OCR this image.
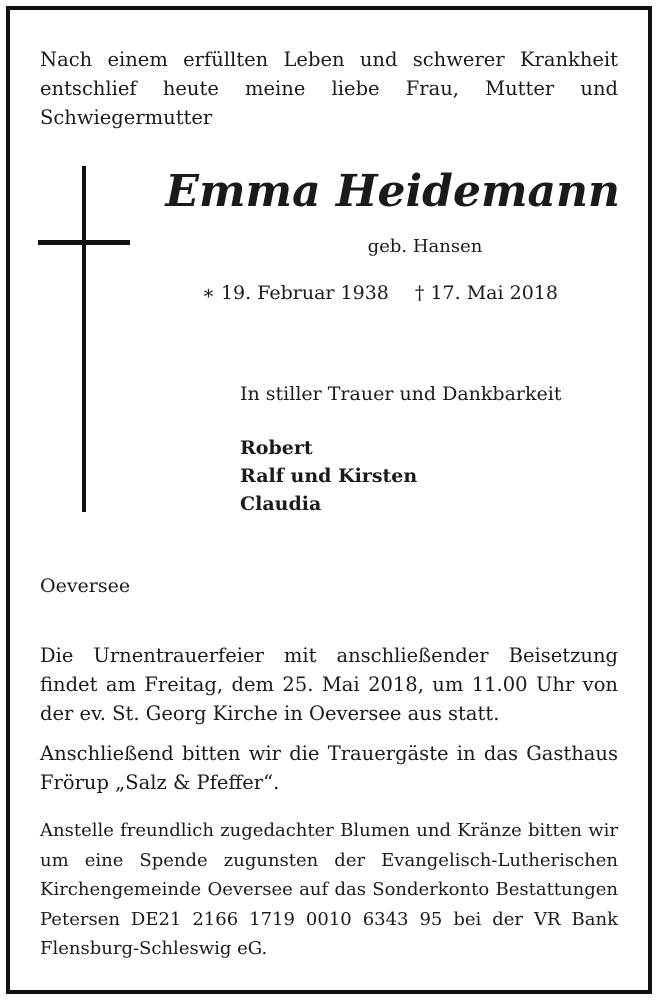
Nach einem erfüllten Leben und schwerer Krankheit entschlief heute meine liebe Frau, Mutter und Schwiegermutter

Emma Heidemann
geb. Hansen
∗ 19. Februar 1938 † 17. Mai 2018
In stiller Trauer und Dankbarkeit
Robert
Ralf und Kirsten
Claudia
Oeversee

Die Urnentrauerfeier mit anschließender Beisetzung findet am Freitag, dem 25. Mai 2018, um 11.00 Uhr von der ev. St. Georg Kirche in Oeversee aus statt.

Anschließend bitten wir die Trauergäste in das Gasthaus Frörup „Salz & Pfeffer“.

Anstelle freundlich zugedachter Blumen und Kränze bitten wir um eine Spende zugunsten der Evangelisch-Lutherischen Kirchengemeinde Oeversee auf das Sonderkonto Bestattungen Petersen DE21 2166 1719 0010 6343 95 bei der VR Bank Flensburg-Schleswig eG.
